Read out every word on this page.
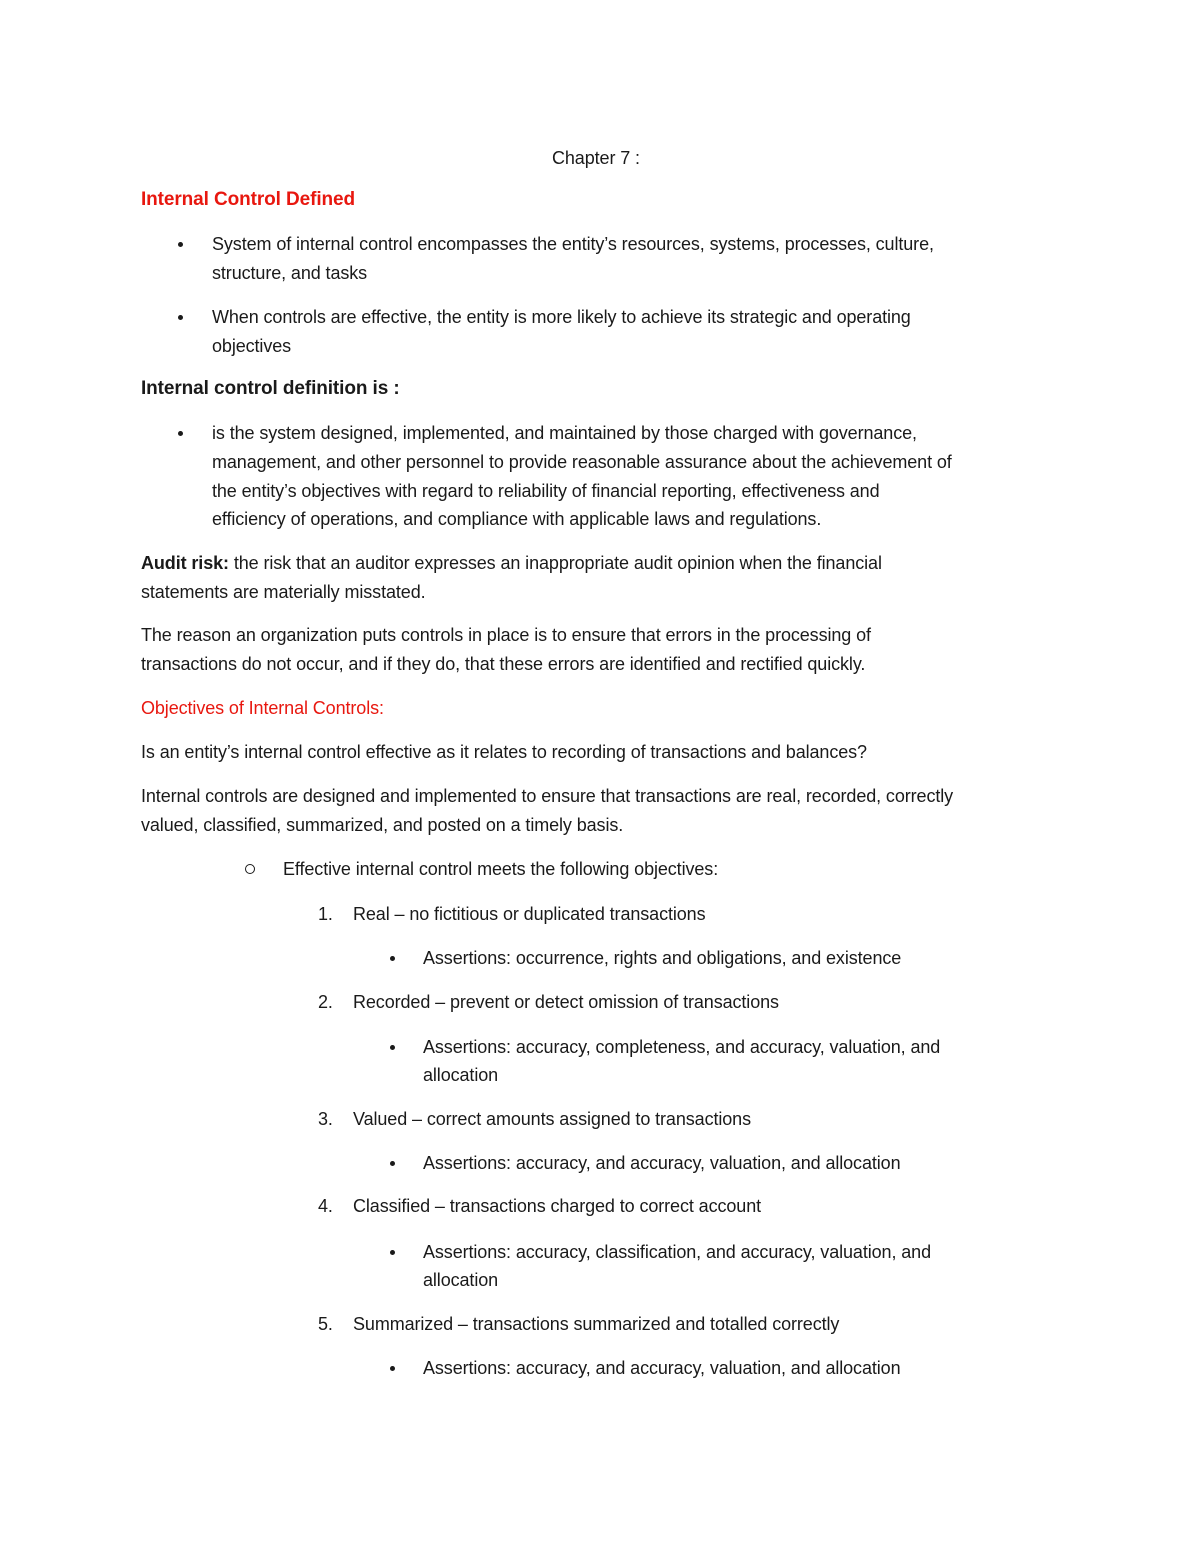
Chapter 7 :
Internal Control Defined
System of internal control encompasses the entity’s resources, systems, processes, culture,
structure, and tasks
When controls are effective, the entity is more likely to achieve its strategic and operating
objectives
Internal control definition is :
is the system designed, implemented, and maintained by those charged with governance,
management, and other personnel to provide reasonable assurance about the achievement of
the entity’s objectives with regard to reliability of financial reporting, effectiveness and
efficiency of operations, and compliance with applicable laws and regulations.
Audit risk: the risk that an auditor expresses an inappropriate audit opinion when the financial
statements are materially misstated.
The reason an organization puts controls in place is to ensure that errors in the processing of
transactions do not occur, and if they do, that these errors are identified and rectified quickly.
Objectives of Internal Controls:
Is an entity’s internal control effective as it relates to recording of transactions and balances?
Internal controls are designed and implemented to ensure that transactions are real, recorded, correctly
valued, classified, summarized, and posted on a timely basis.
Effective internal control meets the following objectives:
1. Real – no fictitious or duplicated transactions
Assertions: occurrence, rights and obligations, and existence
2. Recorded – prevent or detect omission of transactions
Assertions: accuracy, completeness, and accuracy, valuation, and
allocation
3. Valued – correct amounts assigned to transactions
Assertions: accuracy, and accuracy, valuation, and allocation
4. Classified – transactions charged to correct account
Assertions: accuracy, classification, and accuracy, valuation, and
allocation
5. Summarized – transactions summarized and totalled correctly
Assertions: accuracy, and accuracy, valuation, and allocation
